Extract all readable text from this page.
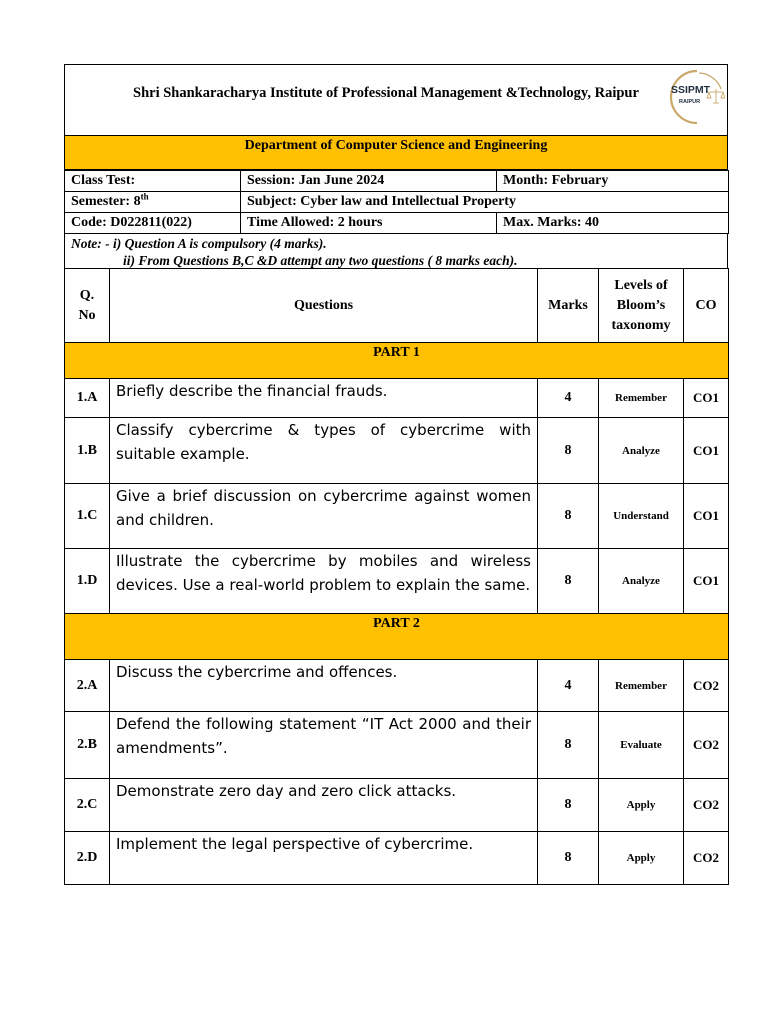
Shri Shankaracharya Institute of Professional Management &Technology, Raipur	SSIPMT
RAIPUR
Department of Computer Science and Engineering
Class Test:	Session: Jan June 2024	Month: February
Semester: 8th	Subject: Cyber law and Intellectual Property	
Code: D022811(022)	Time Allowed: 2 hours	Max. Marks: 40
Note: - i) Question A is compulsory (4 marks).
ii) From Questions B,C &D attempt any two questions ( 8 marks each).
Q. No	Questions	Marks	Levels of Bloom’s taxonomy	CO
PART 1				
1.A	Briefly describe the financial frauds.	4	Remember	CO1
1.B	Classify cybercrime & types of cybercrime with suitable example.	8	Analyze	CO1
1.C	Give a brief discussion on cybercrime against women and children.	8	Understand	CO1
1.D	Illustrate the cybercrime by mobiles and wireless devices. Use a real-world problem to explain the same.	8	Analyze	CO1
PART 2				
2.A	Discuss the cybercrime and offences.	4	Remember	CO2
2.B	Defend the following statement “IT Act 2000 and their amendments”.	8	Evaluate	CO2
2.C	Demonstrate zero day and zero click attacks.	8	Apply	CO2
2.D	Implement the legal perspective of cybercrime.	8	Apply	CO2
